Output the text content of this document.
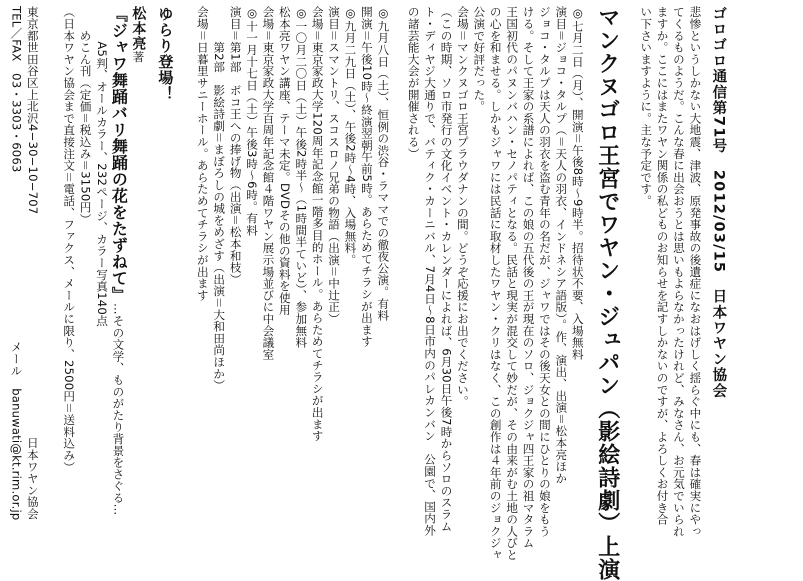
ゴロゴロ通信第71号　2012/03/15　日本ワヤン協会
悲惨というしかない大地震、津波、原発事故の後遺症になおはげしく揺らぐ中にも、春は確実にやっ
てくるものようだ。こんな春に出会おうとは思いもよらなかったけれど、みなさん、お元気でいられ
ますか。ここにはまたワヤン関係の私どものお知らせを記すしかないのですが、よろしくお付き合
い下さいますように。主な予定です。
マンクヌゴロ王宮でワヤン・ジュパン（影絵詩劇）上演
◎七月二日（月）、開演＝午後8時〜9時半。招待状不要、入場無料
演目＝ジョコ・タルプ（＝天人の羽衣、インドネシア語版）。作、演出、出演＝松本亮ほか
ジョコ・タルプは天人の羽衣を盗む青年の名だが、ジャワではその後天女との間にひとりの娘をもう
ける。そして王家の系譜によれば、この娘の五代後の王が現在のソロ、ジョクジャ四王家の祖マタラム
王国初代のパヌンバハン・セノパティとなる。民話と現実が混交して妙だが、その由来がむ土地の人びと
の心を和ませる。しかもジャワには民話に取材したワヤン・クリはなく、この創作は４年前のジョクジャ
公演で好評だった。
会場＝マンクヌゴロ王宮プラウダナンの間。どうぞ応援にお出でください。
（この時期、ソロ市発行の文化イベント・カレンダーによれば、6月30日午後7時からソロのスラム
ト・ディヤジ大通りで、バティク・カーニバル、7月4日〜8日市内のパレカンバン　公園で、国内外
の諸芸能大会が開催される）
◎九月八日（土）、恒例の渋谷・ラママでの徹夜公演。有料
開演＝午後10時〜終演翌朝午前5時。あらためてチラシが出ます
◎九月二九日（土）、午後2時〜4時、入場無料。
演目＝スマントリ、スコスロノ兄弟の物語（出演＝中辻正）
会場＝東京家政大学120周年記念館一階多目的ホール。あらためてチラシが出ます
◎一〇月二〇日（土）午後2時半〜（1時間半ていど）、参加無料
松本亮ワヤン講座、テーマ未定。DVDその他の資料を使用
会場＝東京家政大学百周年記念館４階ワヤン展示場並びに中会議室
◎十一月十七日（土）午後3時〜6時。有料
演目＝第1部　ボコ王への捧げ物（出演＝松本和枝）
　　　第2部　影絵詩劇＝まぼろしの城をめざす（出演＝大和田尚ほか）
会場＝日暮里サニーホール。あらためてチラシが出ます
ゆらり登場！
松本亮著
『ジャワ舞踊バリ舞踊の花をたずねて』…その文学、ものがたり背景をさぐる…
　　　A5判、オールカラー、232ページ、カラー写真140点
　　めこん刊（定価＝税込み＝3150円）
（日本ワヤン協会まで直接注文＝電話、ファクス、メールに限り、2500円＝送料込み）
東京都世田谷区上北沢4−30−10−707
日本ワヤン協会
TEL／FAX　03・3303・6063
メール　banuwati@kt.rim.or.jp
